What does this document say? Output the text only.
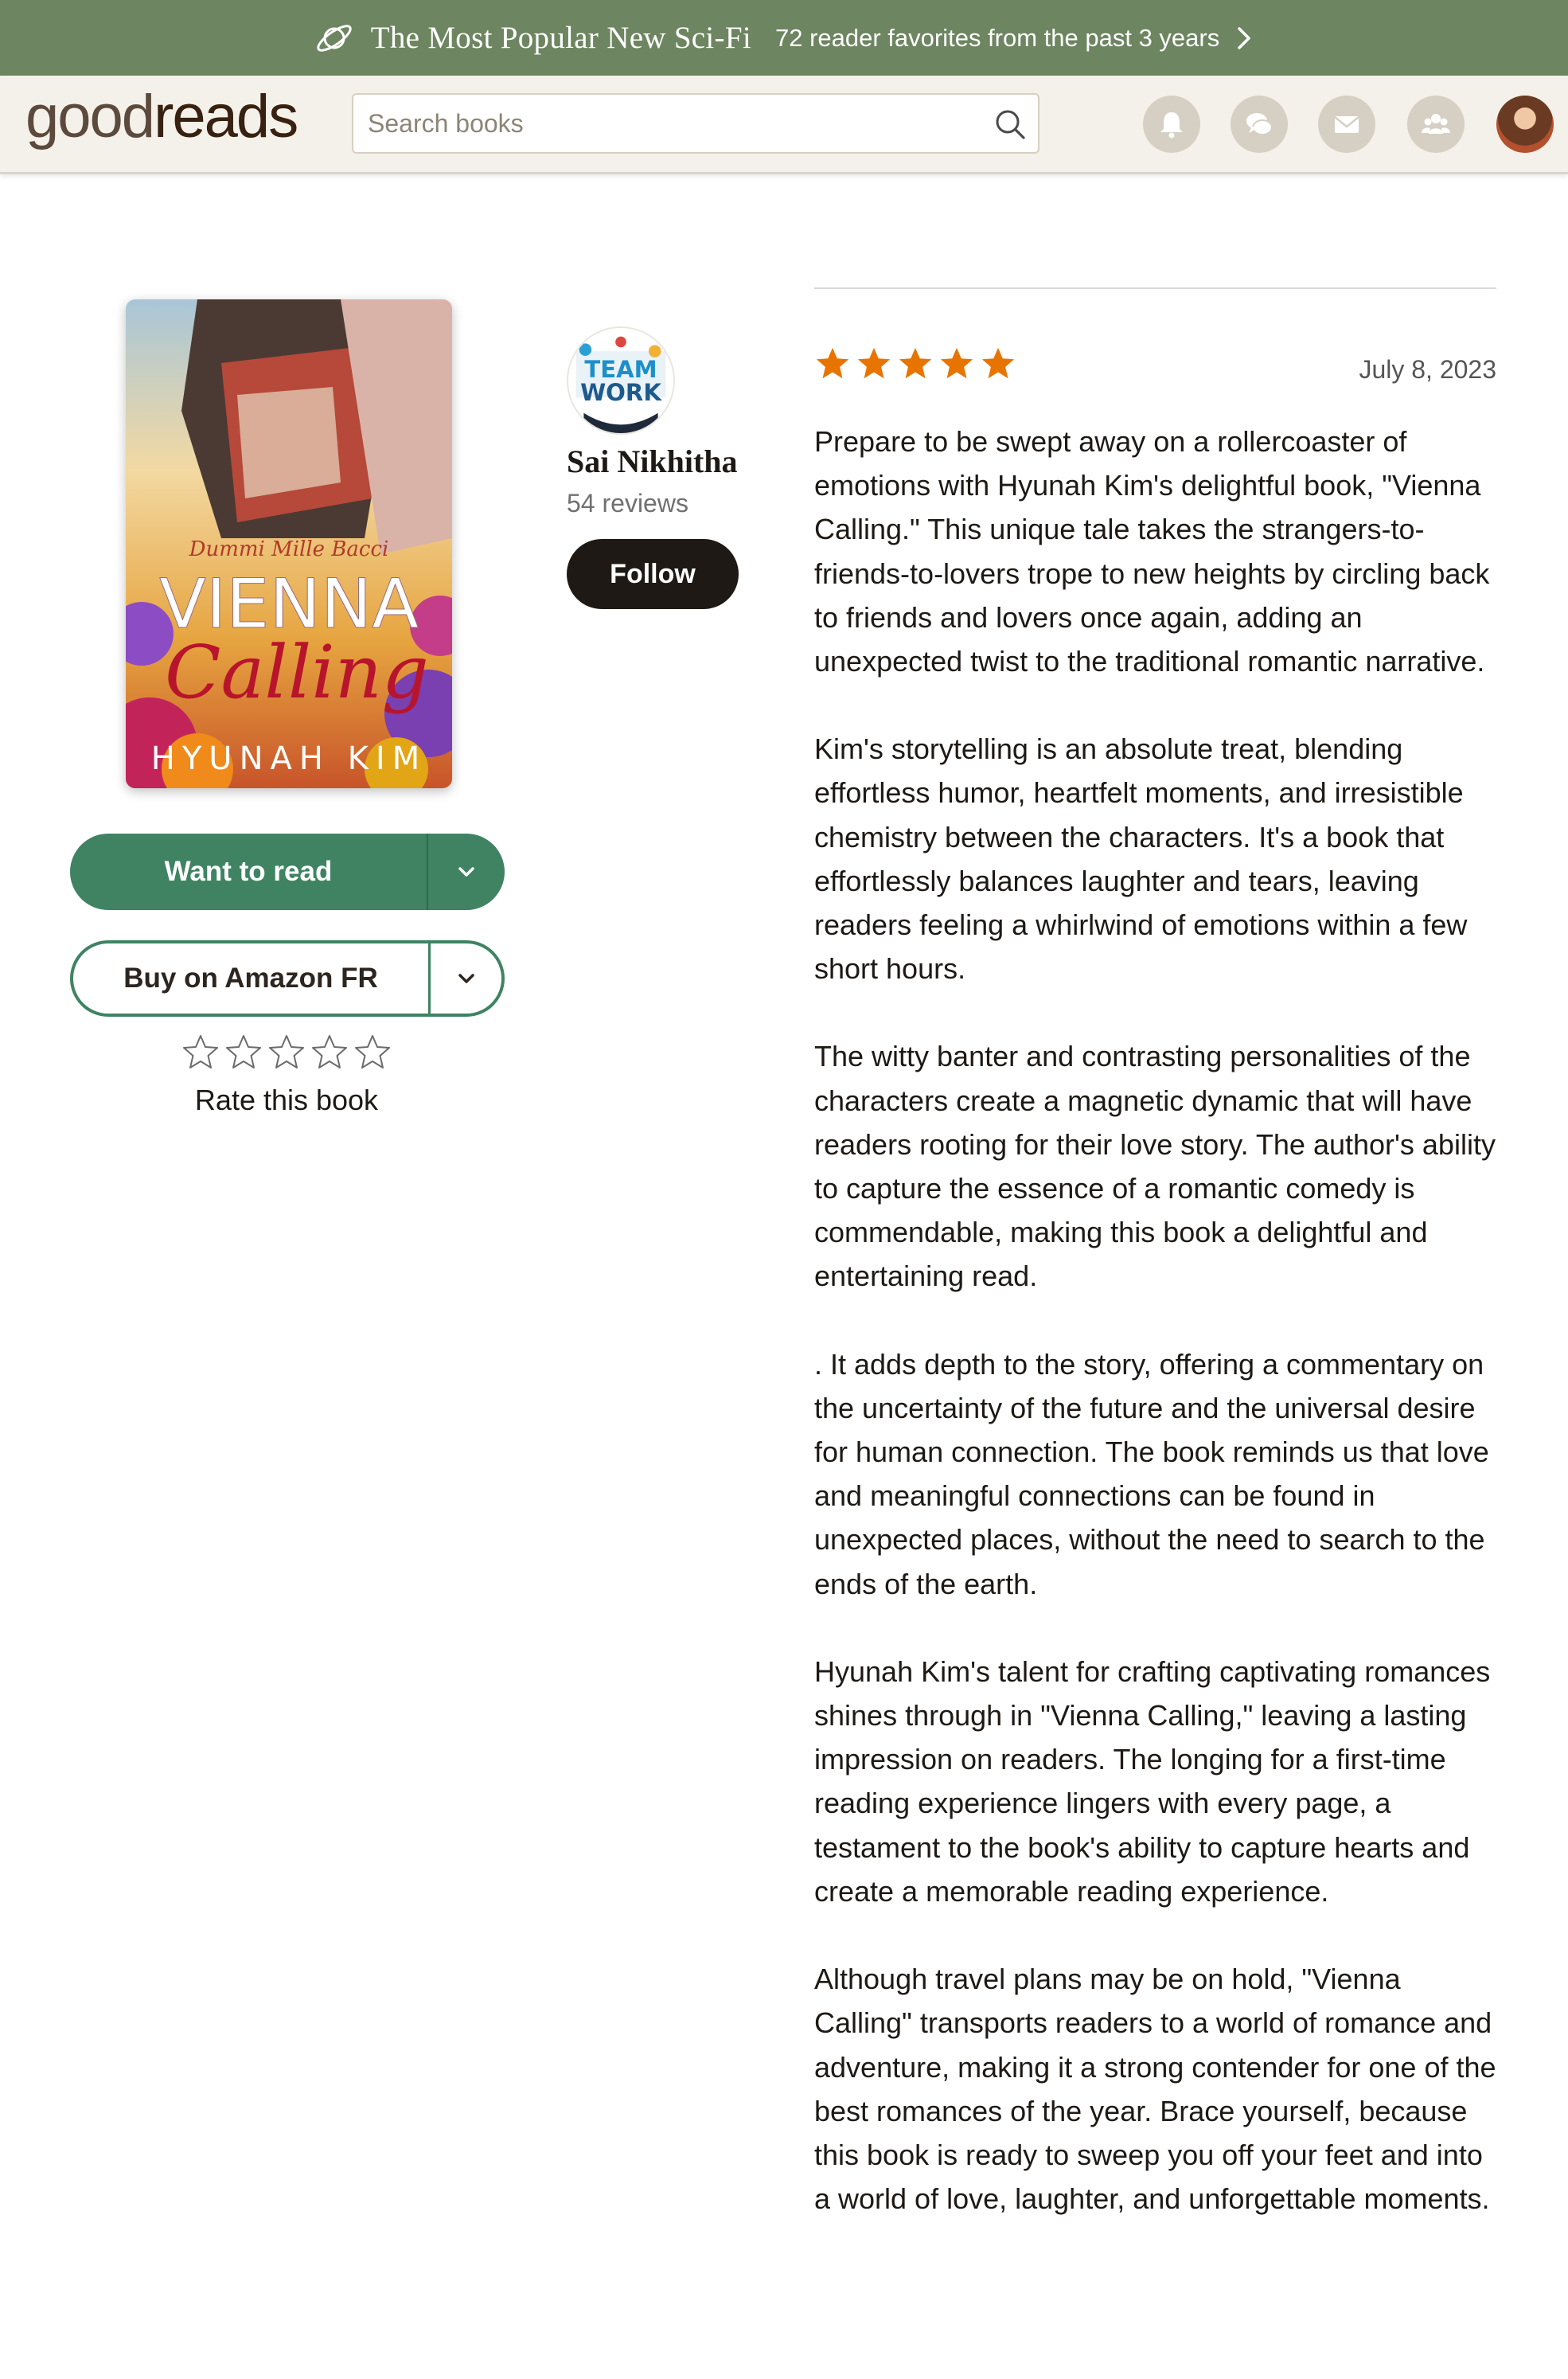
The Most Popular New Sci-Fi 72 reader favorites from the past 3 years
goodreads
Search books
Dummi Mille Bacci
VIENNA
Calling
HYUNAH KIM
Want to read
Buy on Amazon FR
Rate this book
TEAM
WORK
Sai Nikhitha
54 reviews
Follow
July 8, 2023

Prepare to be swept away on a rollercoaster of emotions with Hyunah Kim's delightful book, "Vienna Calling." This unique tale takes the strangers-to-friends-to-lovers trope to new heights by circling back to friends and lovers once again, adding an unexpected twist to the traditional romantic narrative.

Kim's storytelling is an absolute treat, blending effortless humor, heartfelt moments, and irresistible chemistry between the characters. It's a book that effortlessly balances laughter and tears, leaving readers feeling a whirlwind of emotions within a few short hours.

The witty banter and contrasting personalities of the characters create a magnetic dynamic that will have readers rooting for their love story. The author's ability to capture the essence of a romantic comedy is commendable, making this book a delightful and entertaining read.

. It adds depth to the story, offering a commentary on the uncertainty of the future and the universal desire for human connection. The book reminds us that love and meaningful connections can be found in unexpected places, without the need to search to the ends of the earth.

Hyunah Kim's talent for crafting captivating romances shines through in "Vienna Calling," leaving a lasting impression on readers. The longing for a first-time reading experience lingers with every page, a testament to the book's ability to capture hearts and create a memorable reading experience.

Although travel plans may be on hold, "Vienna Calling" transports readers to a world of romance and adventure, making it a strong contender for one of the best romances of the year. Brace yourself, because this book is ready to sweep you off your feet and into a world of love, laughter, and unforgettable moments.
